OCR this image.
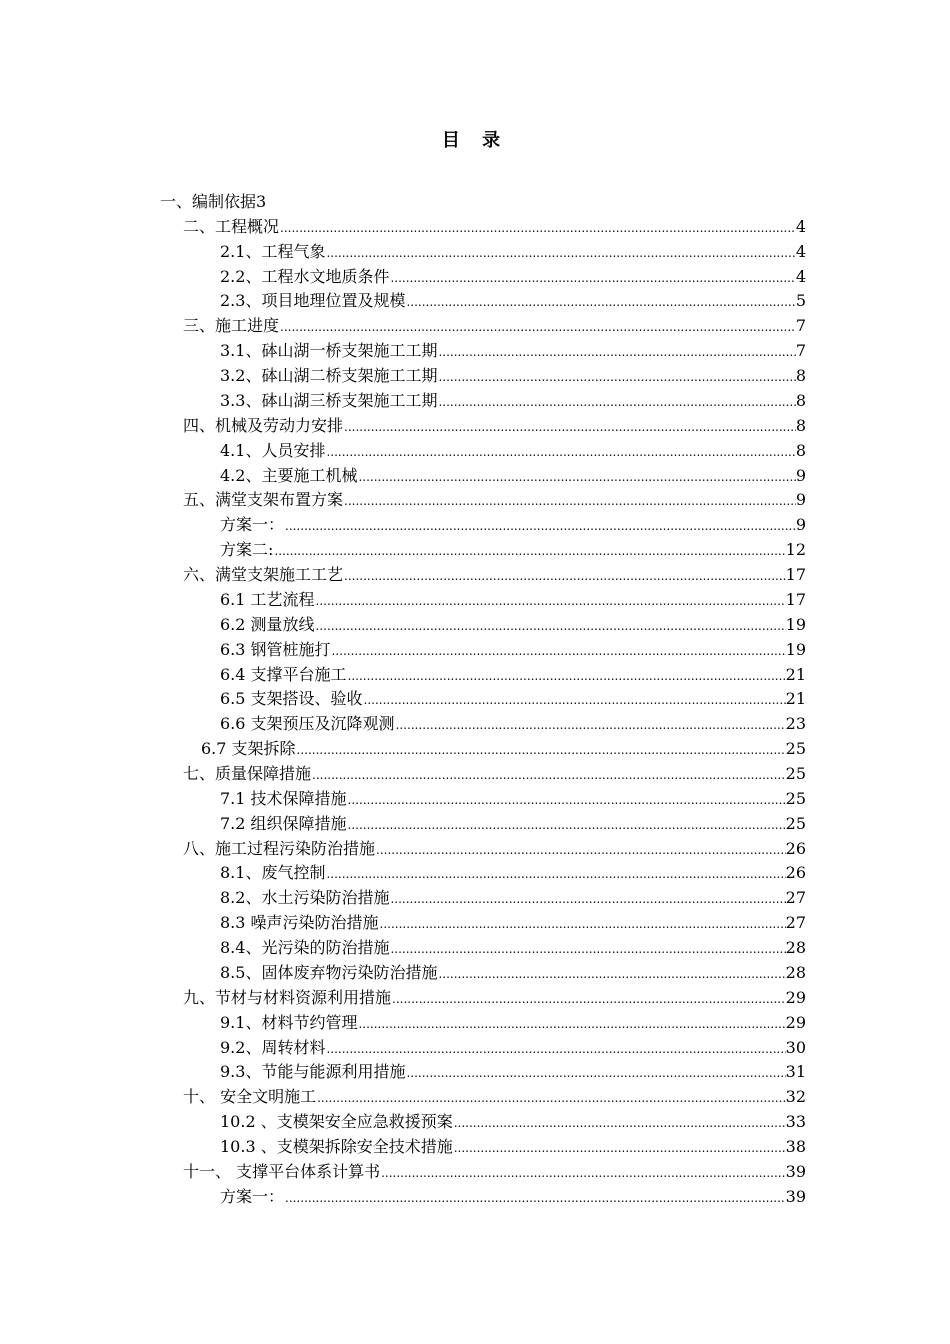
目 录
一、编制依据 3
二、工程概况 .....	4
2.1、工程气象 .....	4
2.2、工程水文地质条件 .....	4
2.3、项目地理位置及规模 .....	5
三、施工进度 .....	7
3.1、砵山湖一桥支架施工工期 .....	7
3.2、砵山湖二桥支架施工工期 .....	8
3.3、砵山湖三桥支架施工工期 .....	8
四、机械及劳动力安排 .....	8
4.1、人员安排 .....	8
4.2、主要施工机械 .....	9
五、满堂支架布置方案 .....	9
方案一： .....	9
方案二: .....	12
六、满堂支架施工工艺 .....	17
6.1 工艺流程 .....	17
6.2 测量放线 .....	19
6.3 钢管桩施打 .....	19
6.4 支撑平台施工 .....	21
6.5 支架搭设、验收 .....	21
6.6 支架预压及沉降观测 .....	23
6.7 支架拆除 .....	25
七、质量保障措施 .....	25
7.1 技术保障措施 .....	25
7.2 组织保障措施 .....	25
八、施工过程污染防治措施 .....	26
8.1、废气控制 .....	26
8.2、水土污染防治措施 .....	27
8.3 噪声污染防治措施 .....	27
8.4、光污染的防治措施 .....	28
8.5、固体废弃物污染防治措施 .....	28
九、节材与材料资源利用措施 .....	29
9.1、材料节约管理 .....	29
9.2、周转材料 .....	30
9.3、节能与能源利用措施 .....	31
十、 安全文明施工 .....	32
10.2 、支模架安全应急救援预案 .....	33
10.3 、支模架拆除安全技术措施 .....	38
十一、 支撑平台体系计算书 .....	39
方案一： .....	39
